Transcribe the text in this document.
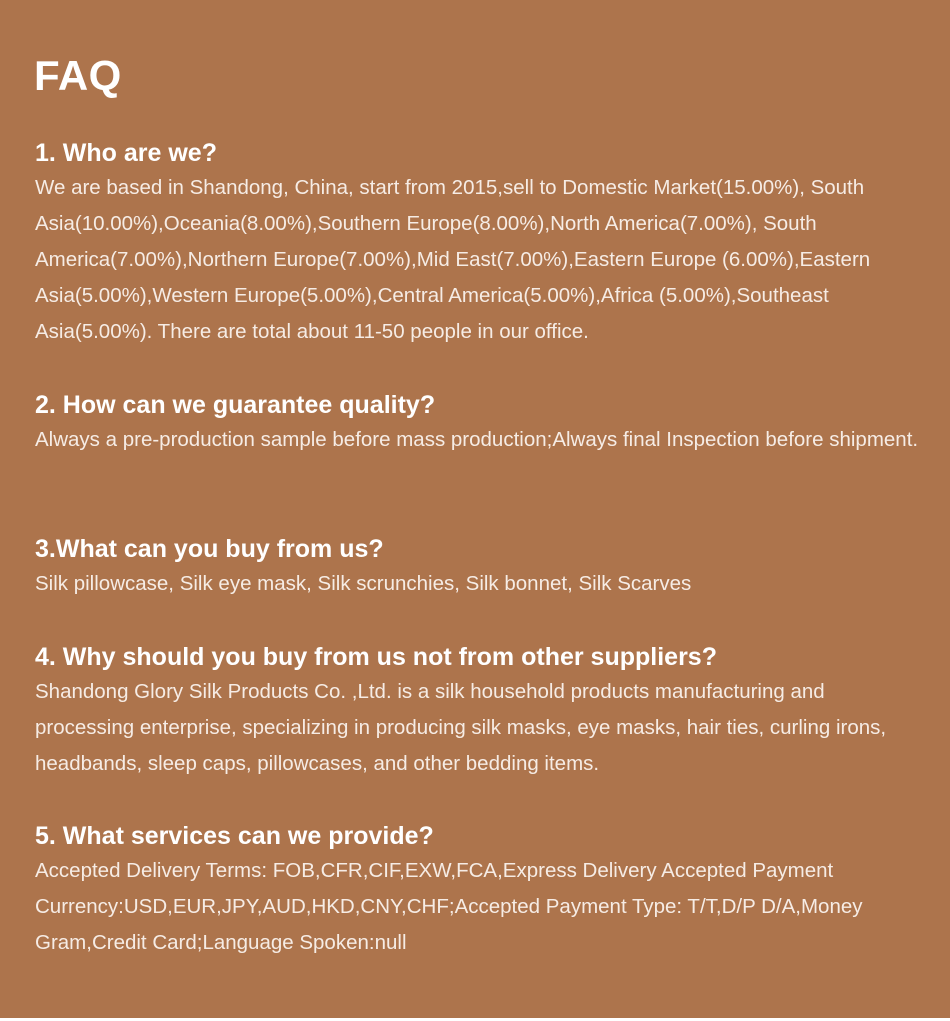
FAQ
1. Who are we?

We are based in Shandong, China, start from 2015,sell to Domestic Market(15.00%), South Asia(10.00%),Oceania(8.00%),Southern Europe(8.00%),North America(7.00%), South America(7.00%),Northern Europe(7.00%),Mid East(7.00%),Eastern Europe (6.00%),Eastern Asia(5.00%),Western Europe(5.00%),Central America(5.00%),Africa (5.00%),Southeast Asia(5.00%). There are total about 11-50 people in our office.

2. How can we guarantee quality?

Always a pre-production sample before mass production;Always final Inspection before shipment.

3.What can you buy from us?

Silk pillowcase, Silk eye mask, Silk scrunchies, Silk bonnet, Silk Scarves

4. Why should you buy from us not from other suppliers?

Shandong Glory Silk Products Co. ,Ltd. is a silk household products manufacturing and processing enterprise, specializing in producing silk masks, eye masks, hair ties, curling irons, headbands, sleep caps, pillowcases, and other bedding items.

5. What services can we provide?

Accepted Delivery Terms: FOB,CFR,CIF,EXW,FCA,Express Delivery Accepted Payment Currency:USD,EUR,JPY,AUD,HKD,CNY,CHF;Accepted Payment Type: T/T,D/P D/A,Money Gram,Credit Card;Language Spoken:null
